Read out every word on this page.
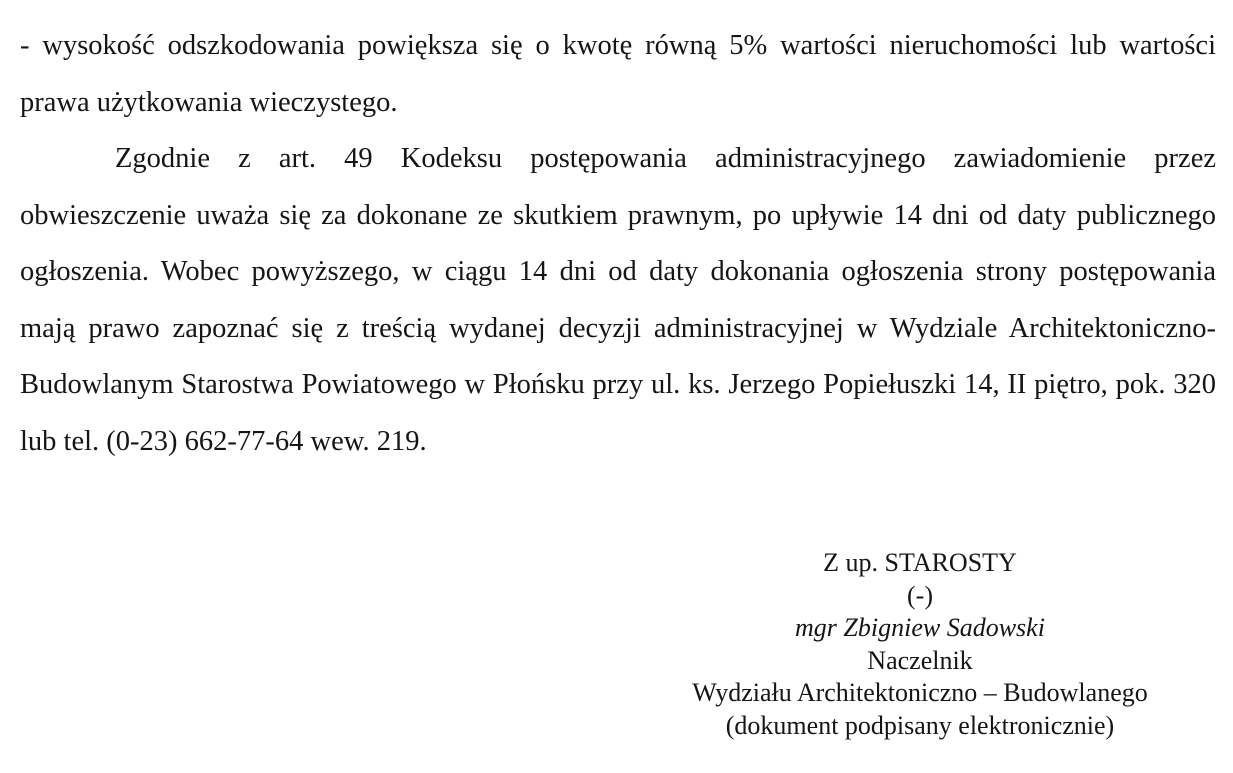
- wysokość odszkodowania powiększa się o kwotę równą 5% wartości nieruchomości lub wartości prawa użytkowania wieczystego.

Zgodnie z art. 49 Kodeksu postępowania administracyjnego zawiadomienie przez obwieszczenie uważa się za dokonane ze skutkiem prawnym, po upływie 14 dni od daty publicznego ogłoszenia. Wobec powyższego, w ciągu 14 dni od daty dokonania ogłoszenia strony postępowania mają prawo zapoznać się z treścią wydanej decyzji administracyjnej w Wydziale Architektoniczno-Budowlanym Starostwa Powiatowego w Płońsku przy ul. ks. Jerzego Popiełuszki 14, II piętro, pok. 320 lub tel. (0-23) 662-77-64 wew. 219.

Z up. STAROSTY
(-)
mgr Zbigniew Sadowski
Naczelnik
Wydziału Architektoniczno – Budowlanego
(dokument podpisany elektronicznie)
